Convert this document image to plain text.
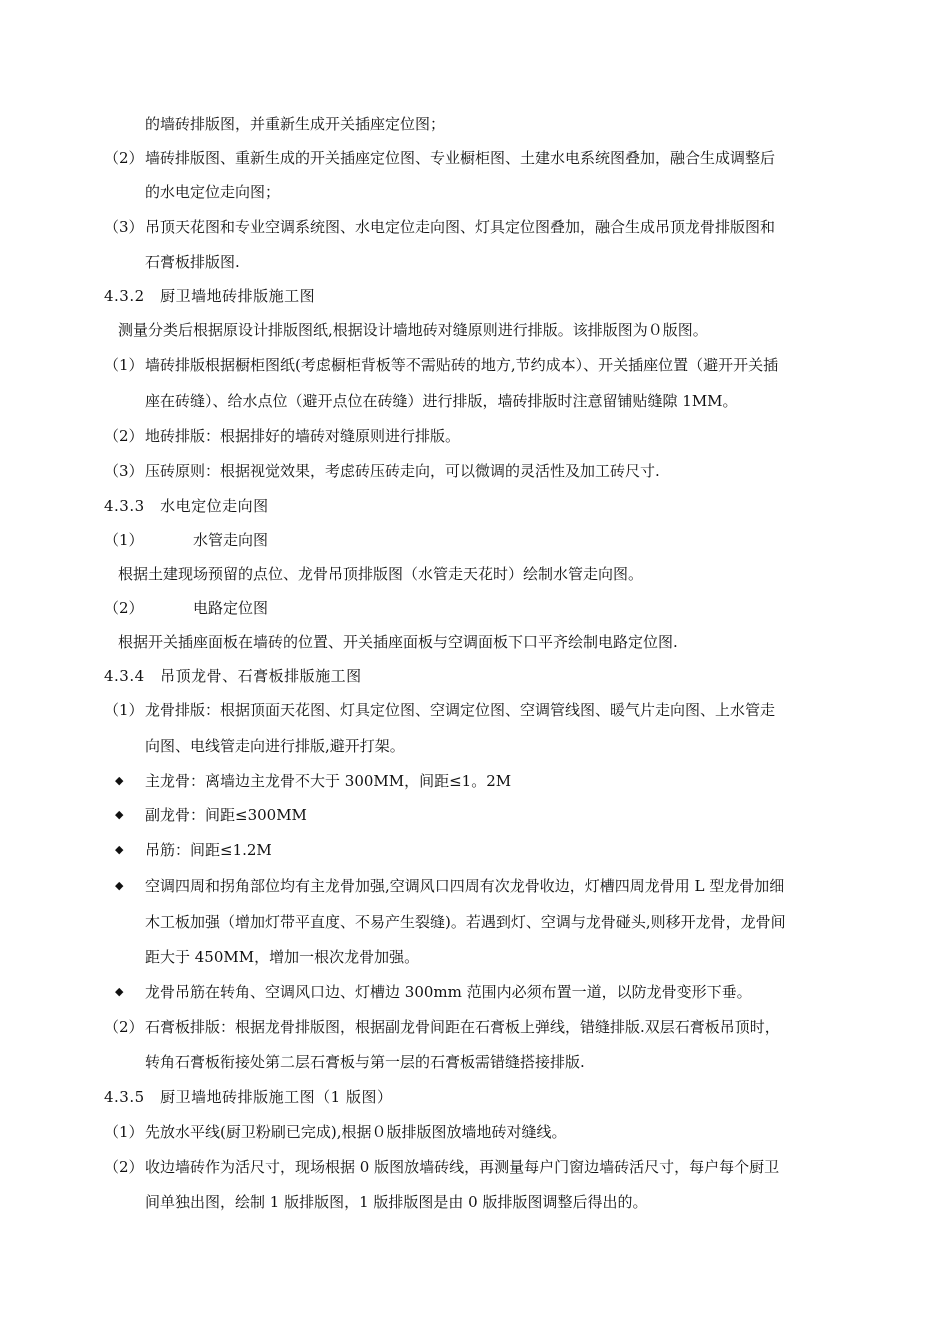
的墙砖排版图，并重新生成开关插座定位图；
（2） 墙砖排版图、重新生成的开关插座定位图、专业橱柜图、土建水电系统图叠加，融合生成调整后
的水电定位走向图；
（3） 吊顶天花图和专业空调系统图、水电定位走向图、灯具定位图叠加，融合生成吊顶龙骨排版图和
石膏板排版图.
4.3.2　厨卫墙地砖排版施工图
测量分类后根据原设计排版图纸,根据设计墙地砖对缝原则进行排版。该排版图为０版图。
（1） 墙砖排版根据橱柜图纸(考虑橱柜背板等不需贴砖的地方,节约成本）、开关插座位置（避开开关插
座在砖缝）、给水点位（避开点位在砖缝）进行排版，墙砖排版时注意留铺贴缝隙 1MM。
（2） 地砖排版：根据排好的墙砖对缝原则进行排版。
（3） 压砖原则：根据视觉效果，考虑砖压砖走向，可以微调的灵活性及加工砖尺寸.
4.3.3　水电定位走向图
（1）	水管走向图
根据土建现场预留的点位、龙骨吊顶排版图（水管走天花时）绘制水管走向图。
（2）	电路定位图
根据开关插座面板在墙砖的位置、开关插座面板与空调面板下口平齐绘制电路定位图.
4.3.4　吊顶龙骨、石膏板排版施工图
（1） 龙骨排版：根据顶面天花图、灯具定位图、空调定位图、空调管线图、暖气片走向图、上水管走
向图、电线管走向进行排版,避开打架。
◆ 主龙骨：离墙边主龙骨不大于 300MM，间距≤1。2M
◆ 副龙骨：间距≤300MM
◆ 吊筋：间距≤1.2M
◆ 空调四周和拐角部位均有主龙骨加强,空调风口四周有次龙骨收边，灯槽四周龙骨用 L 型龙骨加细
木工板加强（增加灯带平直度、不易产生裂缝)。若遇到灯、空调与龙骨碰头,则移开龙骨，龙骨间
距大于 450MM，增加一根次龙骨加强。
◆ 龙骨吊筋在转角、空调风口边、灯槽边 300mm 范围内必须布置一道，以防龙骨变形下垂。
（2） 石膏板排版：根据龙骨排版图，根据副龙骨间距在石膏板上弹线，错缝排版.双层石膏板吊顶时，
转角石膏板衔接处第二层石膏板与第一层的石膏板需错缝搭接排版.
4.3.5　厨卫墙地砖排版施工图（1 版图）
（1） 先放水平线(厨卫粉刷已完成),根据０版排版图放墙地砖对缝线。
（2） 收边墙砖作为活尺寸，现场根据 0 版图放墙砖线，再测量每户门窗边墙砖活尺寸，每户每个厨卫
间单独出图，绘制 1 版排版图，1 版排版图是由 0 版排版图调整后得出的。
